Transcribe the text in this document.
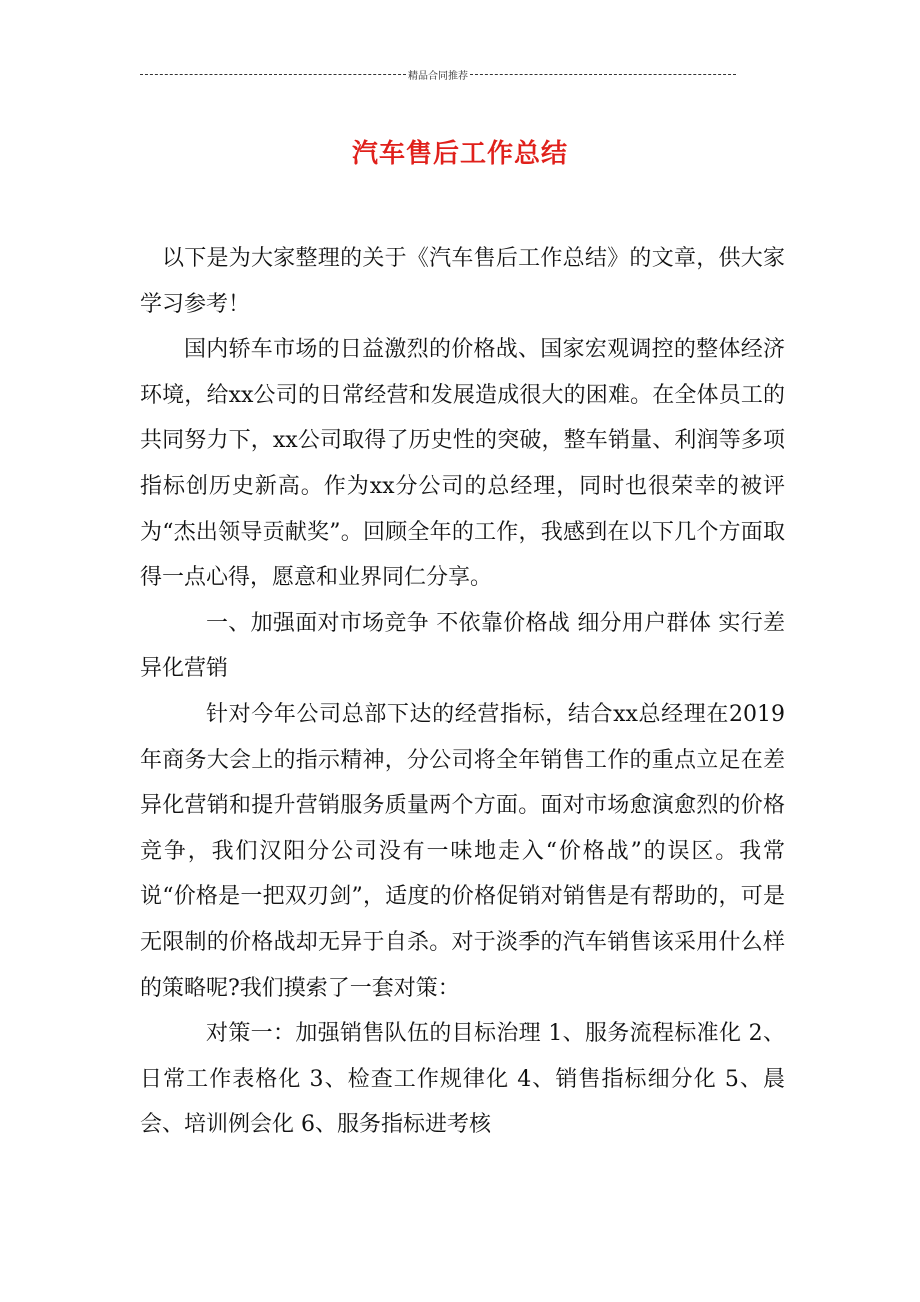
精品合同推荐
汽车售后工作总结

以下是为大家整理的关于《汽车售后工作总结》的文章，供大家学习参考！

国内轿车市场的日益激烈的价格战、国家宏观调控的整体经济环境，给xx公司的日常经营和发展造成很大的困难。在全体员工的共同努力下，xx公司取得了历史性的突破，整车销量、利润等多项指标创历史新高。作为xx分公司的总经理，同时也很荣幸的被评为“杰出领导贡献奖”。回顾全年的工作，我感到在以下几个方面取得一点心得，愿意和业界同仁分享。

一、加强面对市场竞争 不依靠价格战 细分用户群体 实行差异化营销

针对今年公司总部下达的经营指标，结合xx总经理在2019年商务大会上的指示精神，分公司将全年销售工作的重点立足在差异化营销和提升营销服务质量两个方面。面对市场愈演愈烈的价格竞争，我们汉阳分公司没有一味地走入“价格战”的误区。我常说“价格是一把双刃剑”，适度的价格促销对销售是有帮助的，可是无限制的价格战却无异于自杀。对于淡季的汽车销售该采用什么样的策略呢?我们摸索了一套对策：

对策一：加强销售队伍的目标治理 1、服务流程标准化 2、日常工作表格化 3、检查工作规律化 4、销售指标细分化 5、晨会、培训例会化 6、服务指标进考核
